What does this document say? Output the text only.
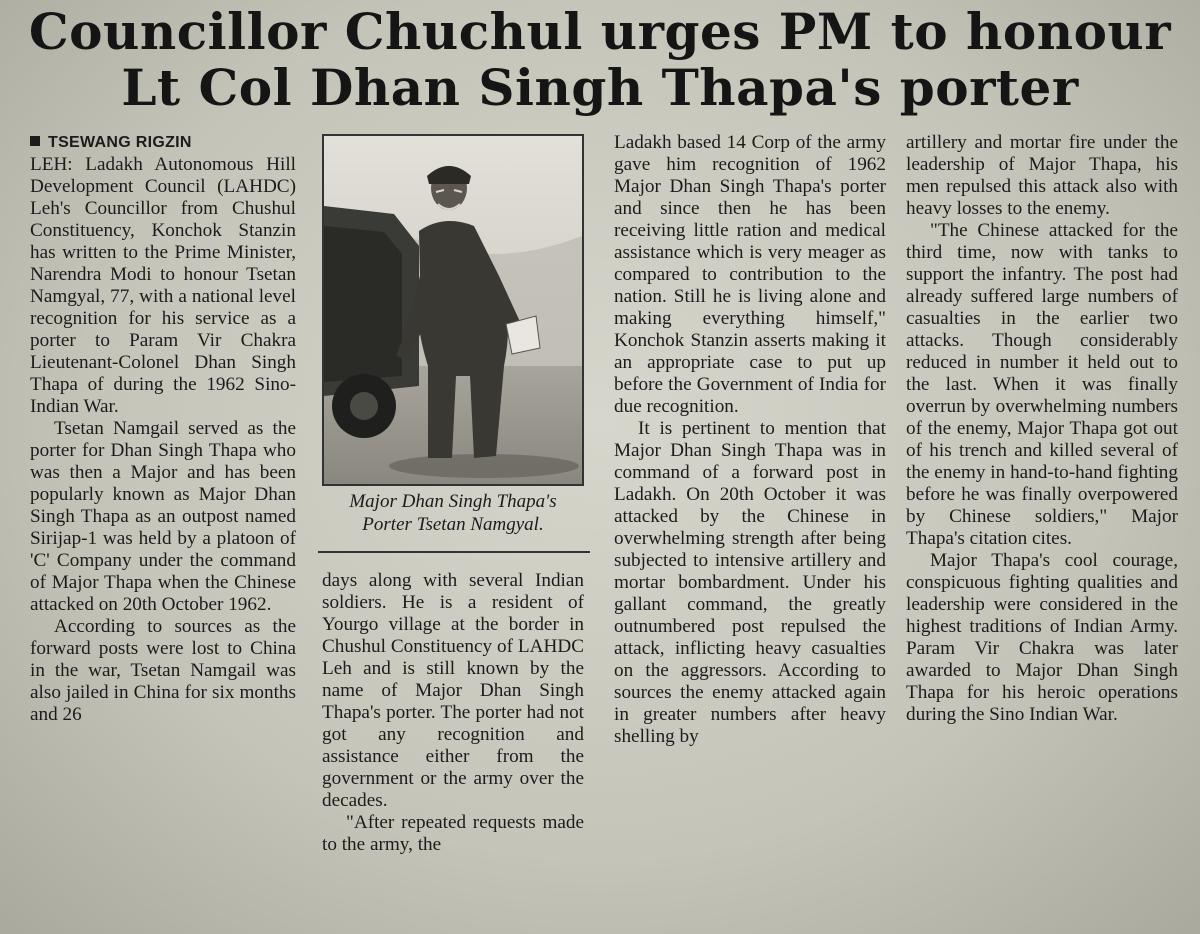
Councillor Chuchul urges PM to honour
Lt Col Dhan Singh Thapa's porter
TSEWANG RIGZIN

LEH: Ladakh Autonomous Hill Development Council (LAHDC) Leh's Councillor from Chushul Constituency, Konchok Stanzin has written to the Prime Minister, Narendra Modi to honour Tsetan Namgyal, 77, with a national level recognition for his service as a porter to Param Vir Chakra Lieutenant-Colonel Dhan Singh Thapa of during the 1962 Sino-Indian War.

Tsetan Namgail served as the porter for Dhan Singh Thapa who was then a Major and has been popularly known as Major Dhan Singh Thapa as an outpost named Sirijap-1 was held by a platoon of 'C' Company under the command of Major Thapa when the Chinese attacked on 20th October 1962.

According to sources as the forward posts were lost to China in the war, Tsetan Namgail was also jailed in China for six months and 26

Major Dhan Singh Thapa's
Porter Tsetan Namgyal.

days along with several Indian soldiers. He is a resident of Yourgo village at the border in Chushul Constituency of LAHDC Leh and is still known by the name of Major Dhan Singh Thapa's porter. The porter had not got any recognition and assistance either from the government or the army over the decades.

"After repeated requests made to the army, the

Ladakh based 14 Corp of the army gave him recognition of 1962 Major Dhan Singh Thapa's porter and since then he has been receiving little ration and medical assistance which is very meager as compared to contribution to the nation. Still he is living alone and making everything himself," Konchok Stanzin asserts making it an appropriate case to put up before the Government of India for due recognition.

It is pertinent to mention that Major Dhan Singh Thapa was in command of a forward post in Ladakh. On 20th October it was attacked by the Chinese in overwhelming strength after being subjected to intensive artillery and mortar bombardment. Under his gallant command, the greatly outnumbered post repulsed the attack, inflicting heavy casualties on the aggressors. According to sources the enemy attacked again in greater numbers after heavy shelling by

artillery and mortar fire under the leadership of Major Thapa, his men repulsed this attack also with heavy losses to the enemy.

"The Chinese attacked for the third time, now with tanks to support the infantry. The post had already suffered large numbers of casualties in the earlier two attacks. Though considerably reduced in number it held out to the last. When it was finally overrun by overwhelming numbers of the enemy, Major Thapa got out of his trench and killed several of the enemy in hand-to-hand fighting before he was finally overpowered by Chinese soldiers," Major Thapa's citation cites.

Major Thapa's cool courage, conspicuous fighting qualities and leadership were considered in the highest traditions of Indian Army. Param Vir Chakra was later awarded to Major Dhan Singh Thapa for his heroic operations during the Sino Indian War.
